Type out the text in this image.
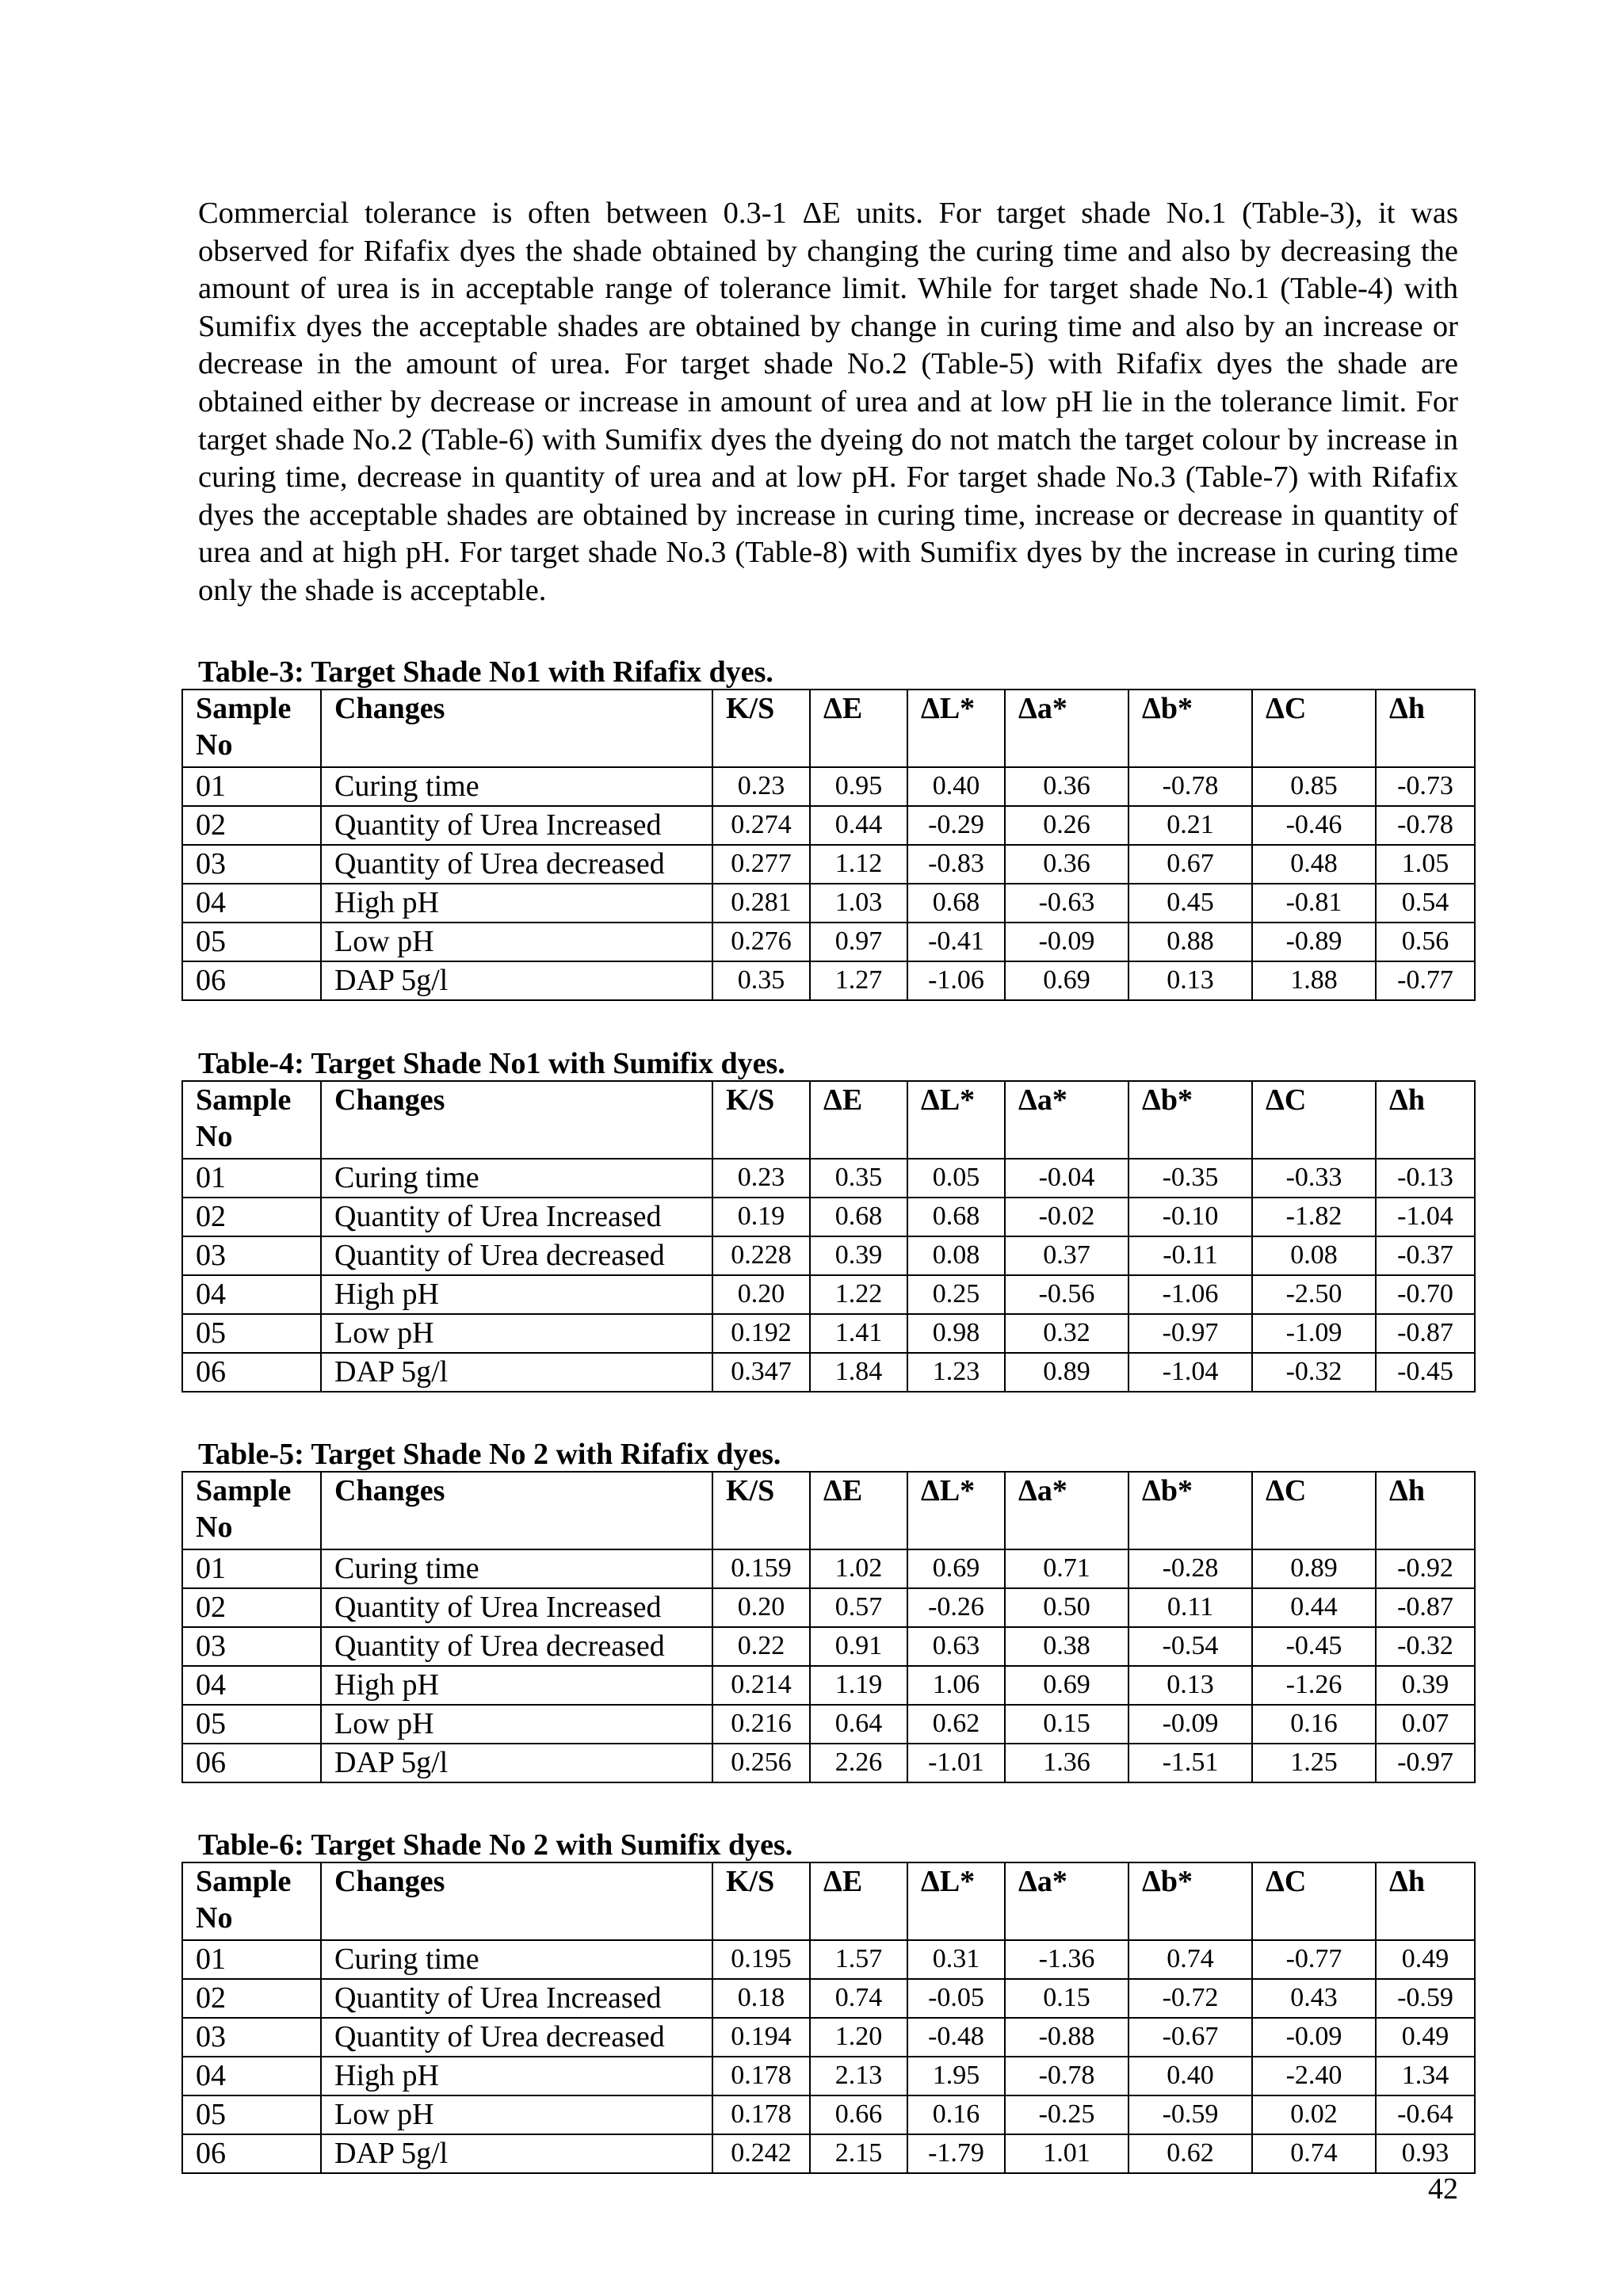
Commercial tolerance is often between 0.3-1 ΔE units. For target shade No.1 (Table-3), it was observed for Rifafix dyes the shade obtained by changing the curing time and also by decreasing the amount of urea is in acceptable range of tolerance limit. While for target shade No.1 (Table-4) with Sumifix dyes the acceptable shades are obtained by change in curing time and also by an increase or decrease in the amount of urea. For target shade No.2 (Table-5) with Rifafix dyes the shade are obtained either by decrease or increase in amount of urea and at low pH lie in the tolerance limit. For target shade No.2 (Table-6) with Sumifix dyes the dyeing do not match the target colour by increase in curing time, decrease in quantity of urea and at low pH. For target shade No.3 (Table-7) with Rifafix dyes the acceptable shades are obtained by increase in curing time, increase or decrease in quantity of urea and at high pH. For target shade No.3 (Table-8) with Sumifix dyes by the increase in curing time only the shade is acceptable.

Table-3: Target Shade No1 with Rifafix dyes.
Sample No	Changes	K/S	ΔE	ΔL*	Δa*	Δb*	ΔC	Δh
01	Curing time	0.23	0.95	0.40	0.36	-0.78	0.85	-0.73
02	Quantity of Urea Increased	0.274	0.44	-0.29	0.26	0.21	-0.46	-0.78
03	Quantity of Urea decreased	0.277	1.12	-0.83	0.36	0.67	0.48	1.05
04	High pH	0.281	1.03	0.68	-0.63	0.45	-0.81	0.54
05	Low pH	0.276	0.97	-0.41	-0.09	0.88	-0.89	0.56
06	DAP 5g/l	0.35	1.27	-1.06	0.69	0.13	1.88	-0.77
Table-4: Target Shade No1 with Sumifix dyes.
Sample No	Changes	K/S	ΔE	ΔL*	Δa*	Δb*	ΔC	Δh
01	Curing time	0.23	0.35	0.05	-0.04	-0.35	-0.33	-0.13
02	Quantity of Urea Increased	0.19	0.68	0.68	-0.02	-0.10	-1.82	-1.04
03	Quantity of Urea decreased	0.228	0.39	0.08	0.37	-0.11	0.08	-0.37
04	High pH	0.20	1.22	0.25	-0.56	-1.06	-2.50	-0.70
05	Low pH	0.192	1.41	0.98	0.32	-0.97	-1.09	-0.87
06	DAP 5g/l	0.347	1.84	1.23	0.89	-1.04	-0.32	-0.45
Table-5: Target Shade No 2 with Rifafix dyes.
Sample No	Changes	K/S	ΔE	ΔL*	Δa*	Δb*	ΔC	Δh
01	Curing time	0.159	1.02	0.69	0.71	-0.28	0.89	-0.92
02	Quantity of Urea Increased	0.20	0.57	-0.26	0.50	0.11	0.44	-0.87
03	Quantity of Urea decreased	0.22	0.91	0.63	0.38	-0.54	-0.45	-0.32
04	High pH	0.214	1.19	1.06	0.69	0.13	-1.26	0.39
05	Low pH	0.216	0.64	0.62	0.15	-0.09	0.16	0.07
06	DAP 5g/l	0.256	2.26	-1.01	1.36	-1.51	1.25	-0.97
Table-6: Target Shade No 2 with Sumifix dyes.
Sample No	Changes	K/S	ΔE	ΔL*	Δa*	Δb*	ΔC	Δh
01	Curing time	0.195	1.57	0.31	-1.36	0.74	-0.77	0.49
02	Quantity of Urea Increased	0.18	0.74	-0.05	0.15	-0.72	0.43	-0.59
03	Quantity of Urea decreased	0.194	1.20	-0.48	-0.88	-0.67	-0.09	0.49
04	High pH	0.178	2.13	1.95	-0.78	0.40	-2.40	1.34
05	Low pH	0.178	0.66	0.16	-0.25	-0.59	0.02	-0.64
06	DAP 5g/l	0.242	2.15	-1.79	1.01	0.62	0.74	0.93
42
